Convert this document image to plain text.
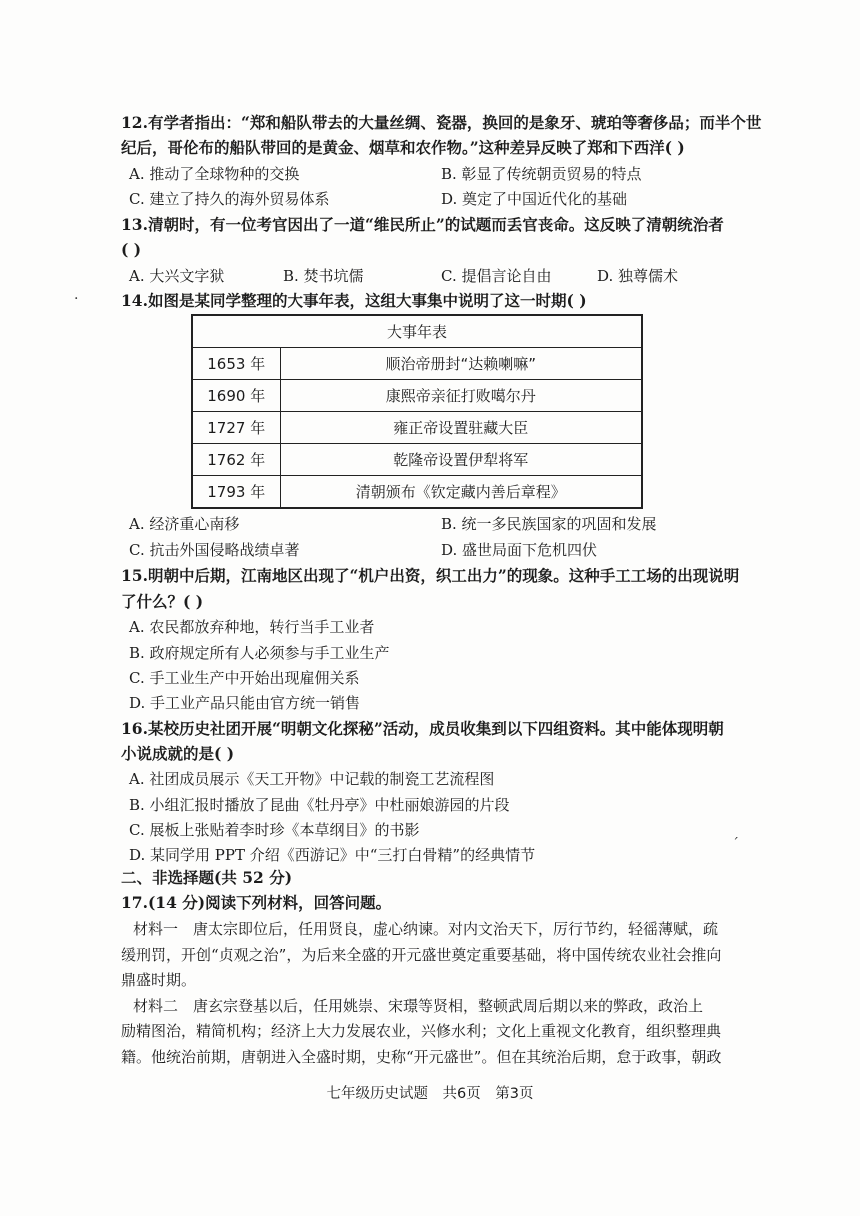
12.有学者指出：“郑和船队带去的大量丝绸、瓷器，换回的是象牙、琥珀等奢侈品；而半个世
纪后，哥伦布的船队带回的是黄金、烟草和农作物。”这种差异反映了郑和下西洋( )
A. 推动了全球物种的交换	B. 彰显了传统朝贡贸易的特点
C. 建立了持久的海外贸易体系	D. 奠定了中国近代化的基础
13.清朝时，有一位考官因出了一道“维民所止”的试题而丢官丧命。这反映了清朝统治者
( )
A. 大兴文字狱	B. 焚书坑儒	C. 提倡言论自由	D. 独尊儒术
.	14.如图是某同学整理的大事年表，这组大事集中说明了这一时期( )
大事年表	
1653 年	顺治帝册封“达赖喇嘛”
1690 年	康熙帝亲征打败噶尔丹
1727 年	雍正帝设置驻藏大臣
1762 年	乾隆帝设置伊犁将军
1793 年	清朝颁布《钦定藏内善后章程》
A. 经济重心南移	B. 统一多民族国家的巩固和发展
C. 抗击外国侵略战绩卓著	D. 盛世局面下危机四伏
15.明朝中后期，江南地区出现了“机户出资，织工出力”的现象。这种手工工场的出现说明
了什么？( )
A. 农民都放弃种地，转行当手工业者
B. 政府规定所有人必须参与手工业生产
C. 手工业生产中开始出现雇佣关系
D. 手工业产品只能由官方统一销售
16.某校历史社团开展“明朝文化探秘”活动，成员收集到以下四组资料。其中能体现明朝
小说成就的是( )
A. 社团成员展示《天工开物》中记载的制瓷工艺流程图
B. 小组汇报时播放了昆曲《牡丹亭》中杜丽娘游园的片段
C. 展板上张贴着李时珍《本草纲目》的书影
D. 某同学用 PPT 介绍《西游记》中“三打白骨精”的经典情节
ˊ
二、非选择题(共 52 分)
17.(14 分)阅读下列材料，回答问题。
材料一　唐太宗即位后，任用贤良，虚心纳谏。对内文治天下，厉行节约，轻徭薄赋，疏
缓刑罚，开创“贞观之治”，为后来全盛的开元盛世奠定重要基础，将中国传统农业社会推向
鼎盛时期。
材料二　唐玄宗登基以后，任用姚崇、宋璟等贤相，整顿武周后期以来的弊政，政治上
励精图治，精简机构；经济上大力发展农业，兴修水利；文化上重视文化教育，组织整理典
籍。他统治前期，唐朝进入全盛时期，史称“开元盛世”。但在其统治后期，怠于政事，朝政
七年级历史试题　共6页　第3页
